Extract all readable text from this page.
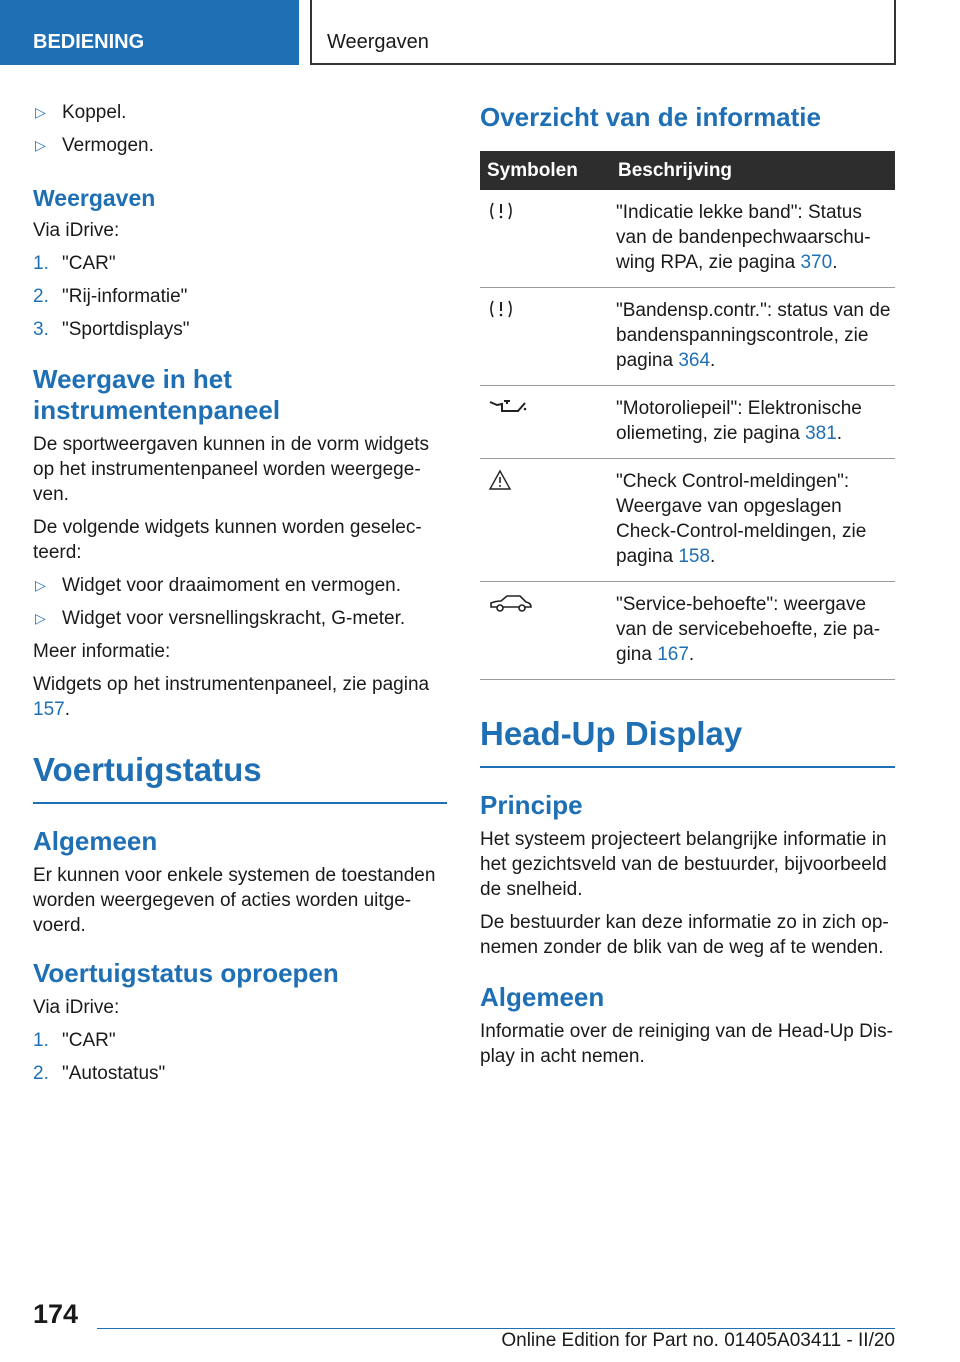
BEDIENING	Weergaven
▷ Koppel.
▷ Vermogen.
Weergaven

Via iDrive:

1. "CAR"
2. "Rij-informatie"
3. "Sportdisplays"
Weergave in het instrumentenpaneel

De sportweergaven kunnen in de vorm widgets op het instrumentenpaneel worden weergegeven.

De volgende widgets kunnen worden geselecteerd:

▷ Widget voor draaimoment en vermogen.
▷ Widget voor versnellingskracht, G-meter.

Meer informatie:

Widgets op het instrumentenpaneel, zie pagina 157.

Voertuigstatus
Algemeen

Er kunnen voor enkele systemen de toestanden worden weergegeven of acties worden uitgevoerd.

Voertuigstatus oproepen

Via iDrive:

1. "CAR"
2. "Autostatus"
Overzicht van de informatie
Symbolen	Beschrijving
	"Indicatie lekke band": Status van de bandenpechwaarschuwing RPA, zie pagina 370.
	"Bandensp.contr.": status van de bandenspanningscontrole, zie pagina 364.
	"Motoroliepeil": Elektronische oliemeting, zie pagina 381.
	"Check Control-meldingen": Weergave van opgeslagen Check-Control-meldingen, zie pagina 158.
	"Service-behoefte": weergave van de servicebehoefte, zie pagina 167.
Head-Up Display
Principe

Het systeem projecteert belangrijke informatie in het gezichtsveld van de bestuurder, bijvoorbeeld de snelheid.

De bestuurder kan deze informatie zo in zich opnemen zonder de blik van de weg af te wenden.

Algemeen

Informatie over de reiniging van de Head-Up Display in acht nemen.

174
Online Edition for Part no. 01405A03411 - II/20
